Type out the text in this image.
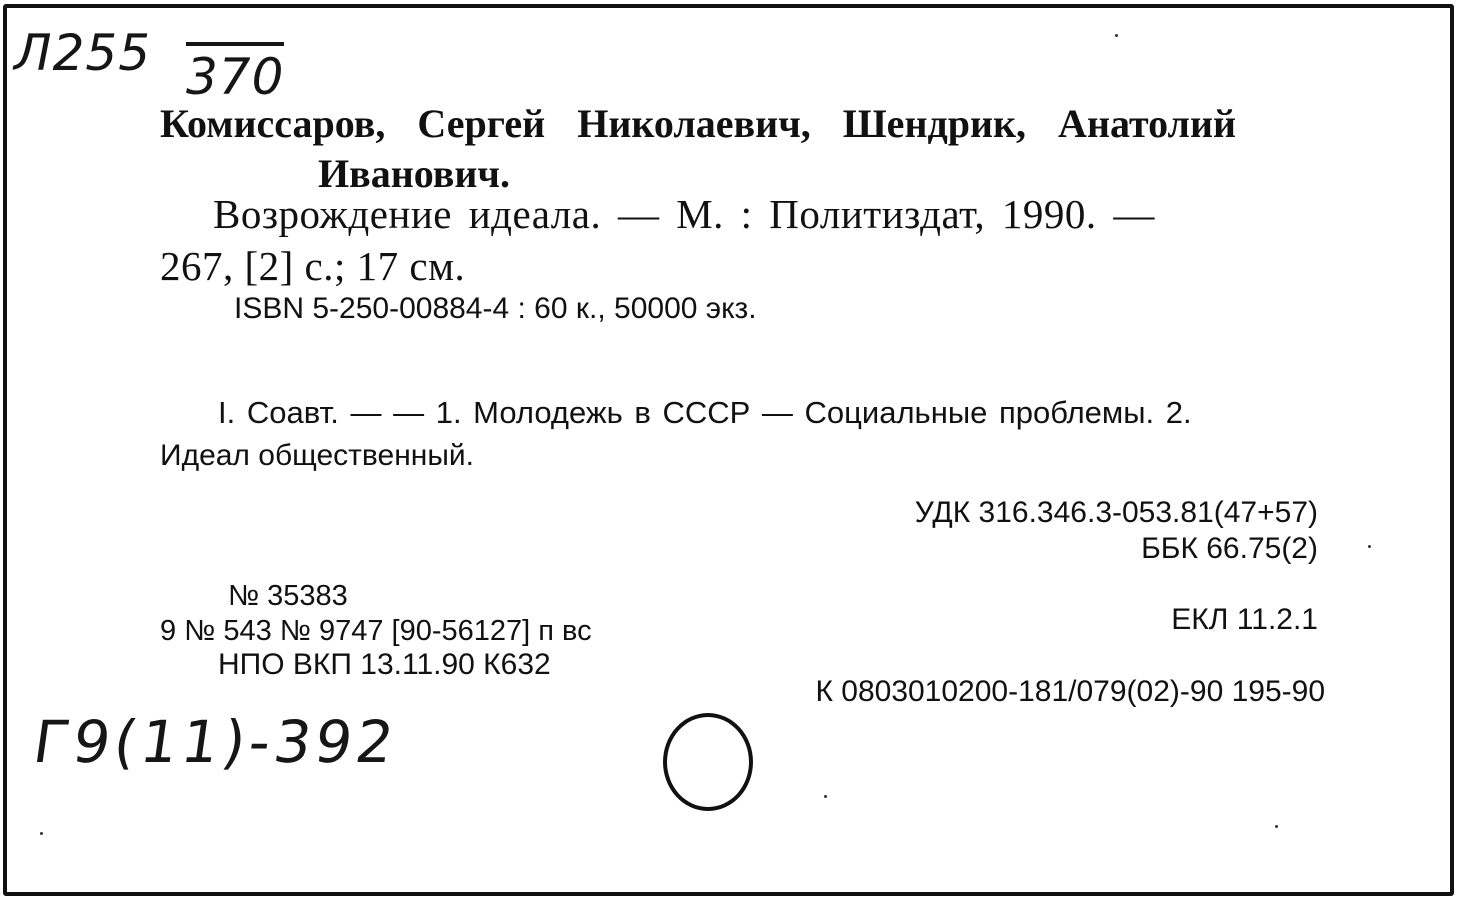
Л255 370
Комиссаров, Сергей Николаевич, Шендрик, Анатолий
Иванович.
Возрождение идеала. — М. : Политиздат, 1990. —
267, [2] с.; 17 см.
ISBN 5-250-00884-4 : 60 к., 50000 экз.
I. Соавт. — — 1. Молодежь в СССР — Социальные проблемы. 2.
Идеал общественный.
УДК 316.346.3-053.81(47+57)
ББК 66.75(2)
ЕКЛ 11.2.1
К 0803010200-181/079(02)-90 195-90
№ 35383
9 № 543 № 9747 [90-56127] п вс
НПО ВКП 13.11.90 К632
Г9(11)-392
